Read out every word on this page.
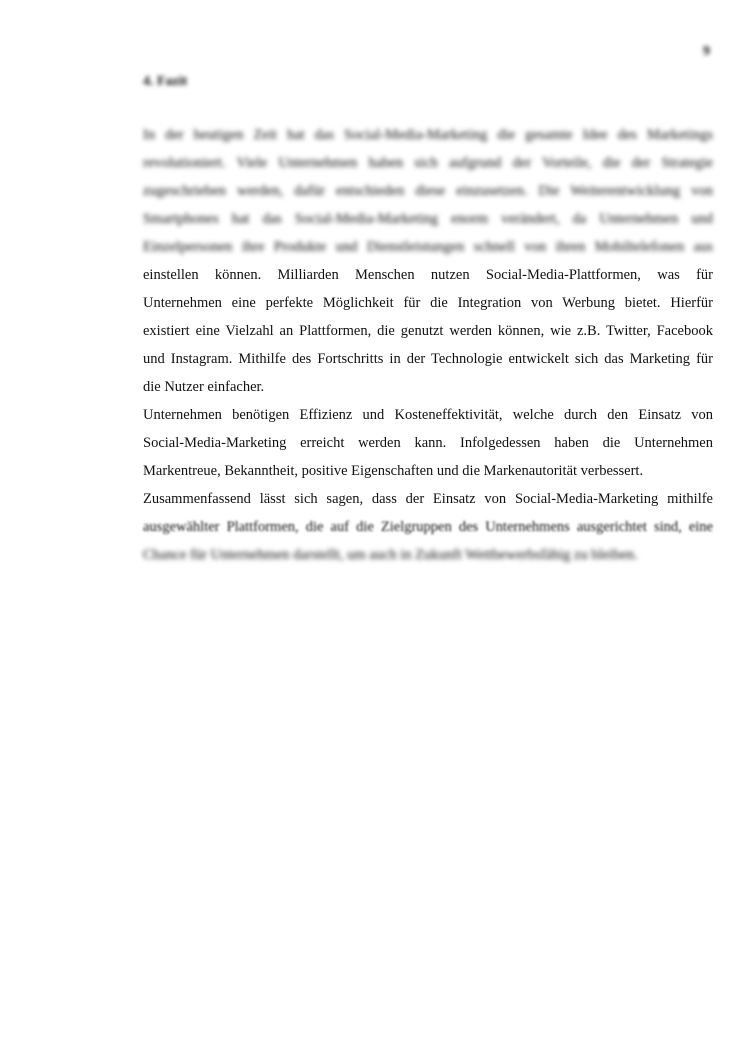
9
4. Fazit
In der heutigen Zeit hat das Social-Media-Marketing die gesamte Idee des Marketings
revolutioniert. Viele Unternehmen haben sich aufgrund der Vorteile, die der Strategie
zugeschrieben werden, dafür entschieden diese einzusetzen. Die Weiterentwicklung von
Smartphones hat das Social-Media-Marketing enorm verändert, da Unternehmen und
Einzelpersonen ihre Produkte und Dienstleistungen schnell von ihren Mobiltelefonen aus
einstellen können. Milliarden Menschen nutzen Social-Media-Plattformen, was für
Unternehmen eine perfekte Möglichkeit für die Integration von Werbung bietet. Hierfür
existiert eine Vielzahl an Plattformen, die genutzt werden können, wie z.B. Twitter, Facebook
und Instagram. Mithilfe des Fortschritts in der Technologie entwickelt sich das Marketing für
die Nutzer einfacher.
Unternehmen benötigen Effizienz und Kosteneffektivität, welche durch den Einsatz von
Social-Media-Marketing erreicht werden kann. Infolgedessen haben die Unternehmen
Markentreue, Bekanntheit, positive Eigenschaften und die Markenautorität verbessert.
Zusammenfassend lässt sich sagen, dass der Einsatz von Social-Media-Marketing mithilfe
ausgewählter Plattformen, die auf die Zielgruppen des Unternehmens ausgerichtet sind, eine
Chance für Unternehmen darstellt, um auch in Zukunft Wettbewerbsfähig zu bleiben.
